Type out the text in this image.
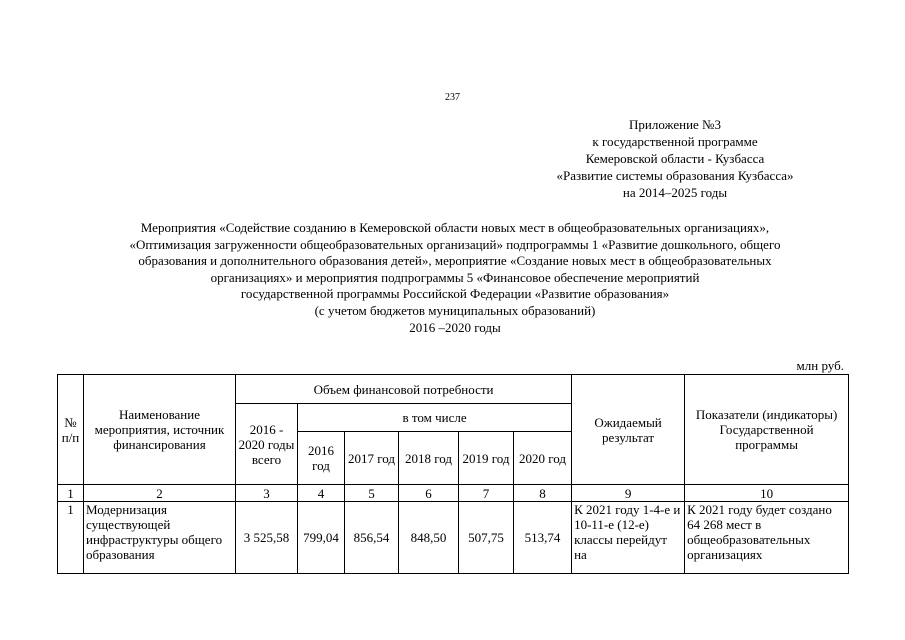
237
Приложение №3
к государственной программе
Кемеровской области - Кузбасса
«Развитие системы образования Кузбасса»
на 2014–2025 годы
Мероприятия «Содействие созданию в Кемеровской области новых мест в общеобразовательных организациях»,
«Оптимизация загруженности общеобразовательных организаций» подпрограммы 1 «Развитие дошкольного, общего
образования и дополнительного образования детей», мероприятие «Создание новых мест в общеобразовательных
организациях» и мероприятия подпрограммы 5 «Финансовое обеспечение мероприятий
государственной программы Российской Федерации «Развитие образования»
(с учетом бюджетов муниципальных образований)
2016 –2020 годы
млн руб.
№ п/п	Наименование мероприятия, источник финансирования	Объем финансовой потребности						Ожидаемый результат	Показатели (индикаторы) Государственной программы
		2016 - 2020 годы всего	в том числе						
			2016 год	2017 год	2018 год	2019 год	2020 год		
1	2	3	4	5	6	7	8	9	10
1	Модернизация существующей инфраструктуры общего образования	3 525,58	799,04	856,54	848,50	507,75	513,74	К 2021 году 1-4-е и 10-11-е (12-е) классы перейдут на	К 2021 году будет создано 64 268 мест в общеобразовательных организациях
